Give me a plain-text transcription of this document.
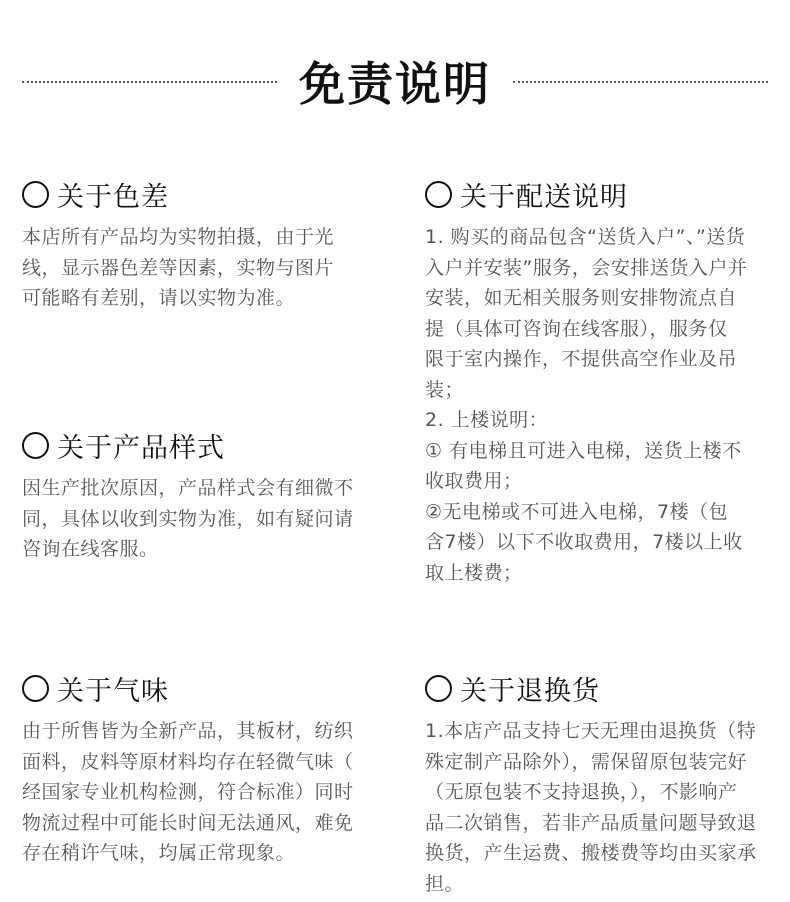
免责说明
关于色差
本店所有产品均为实物拍摄，由于光
线，显示器色差等因素，实物与图片
可能略有差别，请以实物为准。
关于产品样式
因生产批次原因，产品样式会有细微不
同，具体以收到实物为准，如有疑问请
咨询在线客服。
关于气味
由于所售皆为全新产品，其板材，纺织
面料，皮料等原材料均存在轻微气味（
经国家专业机构检测，符合标准）同时
物流过程中可能长时间无法通风，难免
存在稍许气味，均属正常现象。
关于配送说明
1. 购买的商品包含“送货入户”、”送货
入户并安装”服务，会安排送货入户并
安装，如无相关服务则安排物流点自
提（具体可咨询在线客服），服务仅
限于室内操作，不提供高空作业及吊
装；
2. 上楼说明：
① 有电梯且可进入电梯，送货上楼不
收取费用；
②无电梯或不可进入电梯，7楼（包
含7楼）以下不收取费用，7楼以上收
取上楼费；
关于退换货
1.本店产品支持七天无理由退换货（特
殊定制产品除外），需保留原包装完好
（无原包装不支持退换，），不影响产
品二次销售，若非产品质量问题导致退
换货，产生运费、搬楼费等均由买家承
担。
